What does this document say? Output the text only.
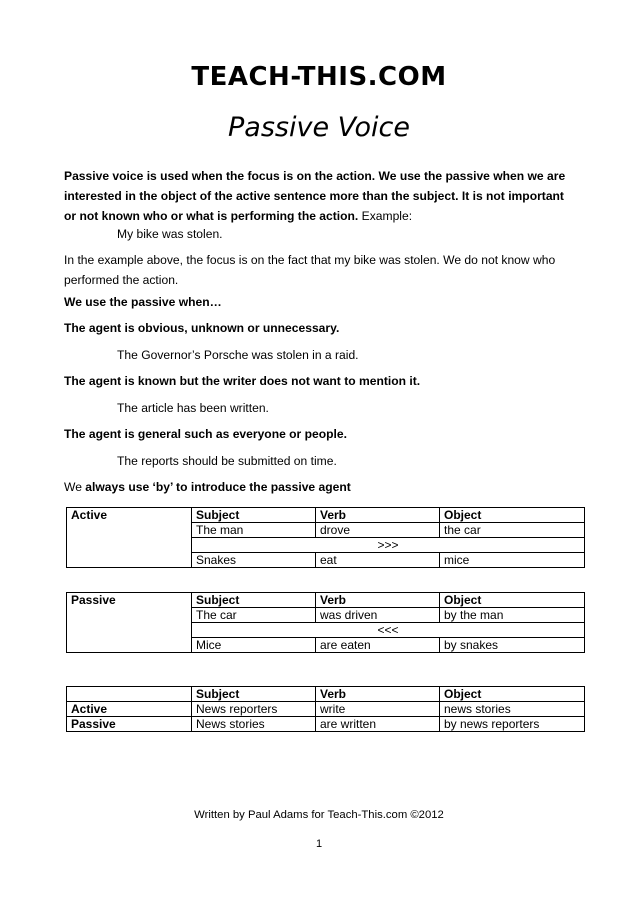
TEACH-THIS.COM
Passive Voice
Passive voice is used when the focus is on the action. We use the passive when we are interested in the object of the active sentence more than the subject. It is not important or not known who or what is performing the action. Example:
My bike was stolen.
In the example above, the focus is on the fact that my bike was stolen. We do not know who performed the action.
We use the passive when…
The agent is obvious, unknown or unnecessary.
The Governor’s Porsche was stolen in a raid.
The agent is known but the writer does not want to mention it.
The article has been written.
The agent is general such as everyone or people.
The reports should be submitted on time.
We always use ‘by’ to introduce the passive agent
Active	Subject	Verb	Object
	The man	drove	the car
	>>>		
	Snakes	eat	mice
Passive	Subject	Verb	Object
	The car	was driven	by the man
	<<<		
	Mice	are eaten	by snakes
	Subject	Verb	Object
Active	News reporters	write	news stories
Passive	News stories	are written	by news reporters
Written by Paul Adams for Teach-This.com ©2012
1
